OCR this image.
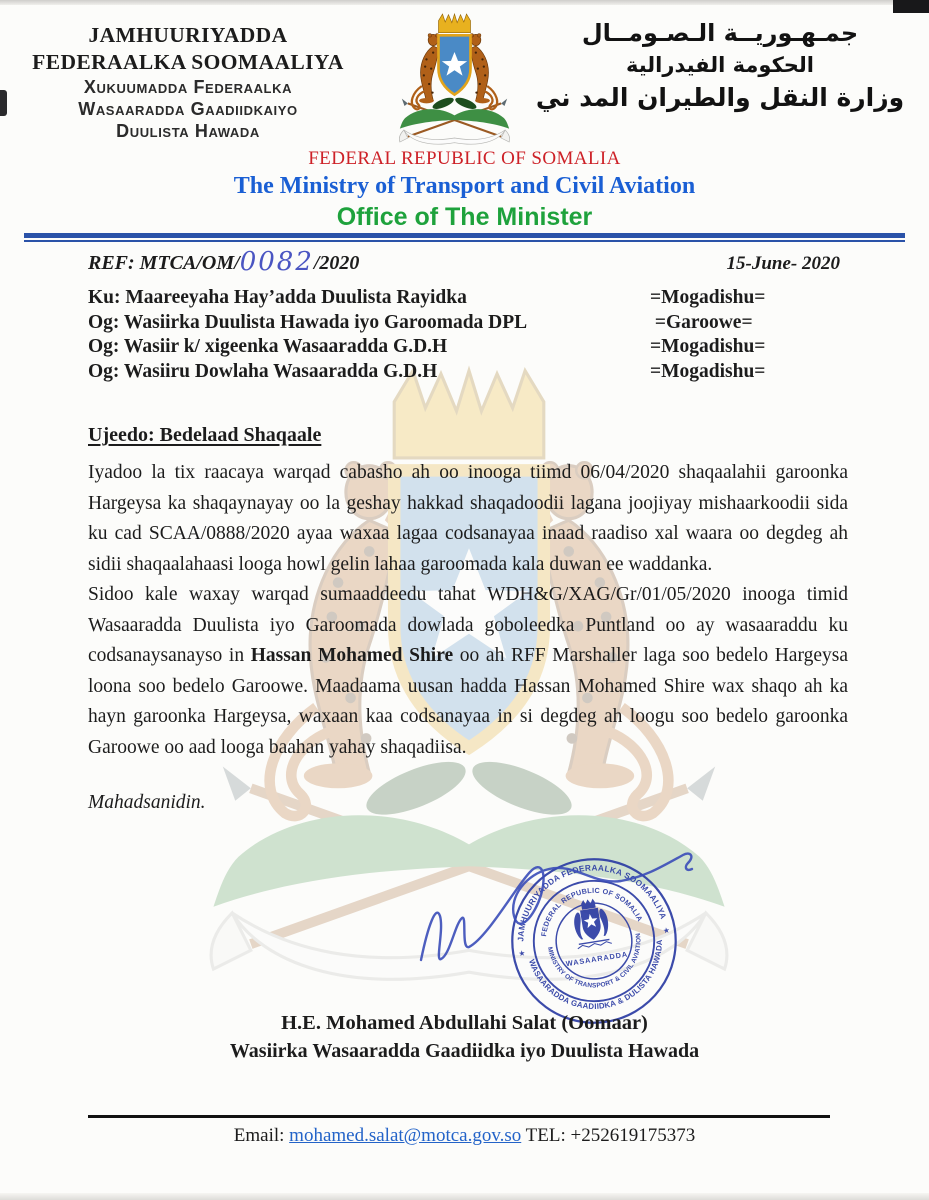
JAMHUURIYADDA
FEDERAALKA SOOMAALIYA
Xukuumadda Federaalka
Wasaaradda Gaadiidkaiyo
Duulista Hawada
جمـهـوريــة الـصـومــال
الحكومة الفيدرالية
وزارة النقل والطيران المد ني
FEDERAL REPUBLIC OF SOMALIA
The Ministry of Transport and Civil Aviation
Office of The Minister
REF: MTCA/OM/0082/2020	15-June- 2020
Ku: Maareeyaha Hay’adda Duulista Rayidka	=Mogadishu=
Og: Wasiirka Duulista Hawada iyo Garoomada DPL	=Garoowe=
Og: Wasiir k/ xigeenka Wasaaradda G.D.H	=Mogadishu=
Og: Wasiiru Dowlaha Wasaaradda G.D.H	=Mogadishu=
Ujeedo: Bedelaad Shaqaale

Iyadoo la tix raacaya warqad cabasho ah oo inooga tiimd 06/04/2020 shaqaalahii garoonka Hargeysa ka shaqaynayay oo la geshay hakkad shaqadoodii lagana joojiyay mishaarkoodii sida ku cad SCAA/0888/2020 ayaa waxaa lagaa codsanayaa inaad raadiso xal waara oo degdeg ah sidii shaqaalahaasi looga howl gelin lahaa garoomada kala duwan ee waddanka.

Sidoo kale waxay warqad sumaaddeedu tahat WDH&G/XAG/Gr/01/05/2020 inooga timid Wasaaradda Duulista iyo Garoomada dowlada goboleedka Puntland oo ay wasaaraddu ku codsanaysanayso in Hassan Mohamed Shire oo ah RFF Marshaller laga soo bedelo Hargeysa loona soo bedelo Garoowe. Maadaama uusan hadda Hassan Mohamed Shire wax shaqo ah ka hayn garoonka Hargeysa, waxaan kaa codsanayaa in si degdeg ah loogu soo bedelo garoonka Garoowe oo aad looga baahan yahay shaqadiisa.

Mahadsanidin.
JAMHUURIYADDA FEDERAALKA SOOMAALIYA
WASAARADDA GAADIIDKA & DULISTA HAWADA
FEDERAL REPUBLIC OF SOMALIA
MINISTRY OF TRANSPORT & CIVIL AVIATION
★
★
WASAARADDA
H.E. Mohamed Abdullahi Salat (Oomaar)
Wasiirka Wasaaradda Gaadiidka iyo Duulista Hawada
Email: mohamed.salat@motca.gov.so TEL: +252619175373
